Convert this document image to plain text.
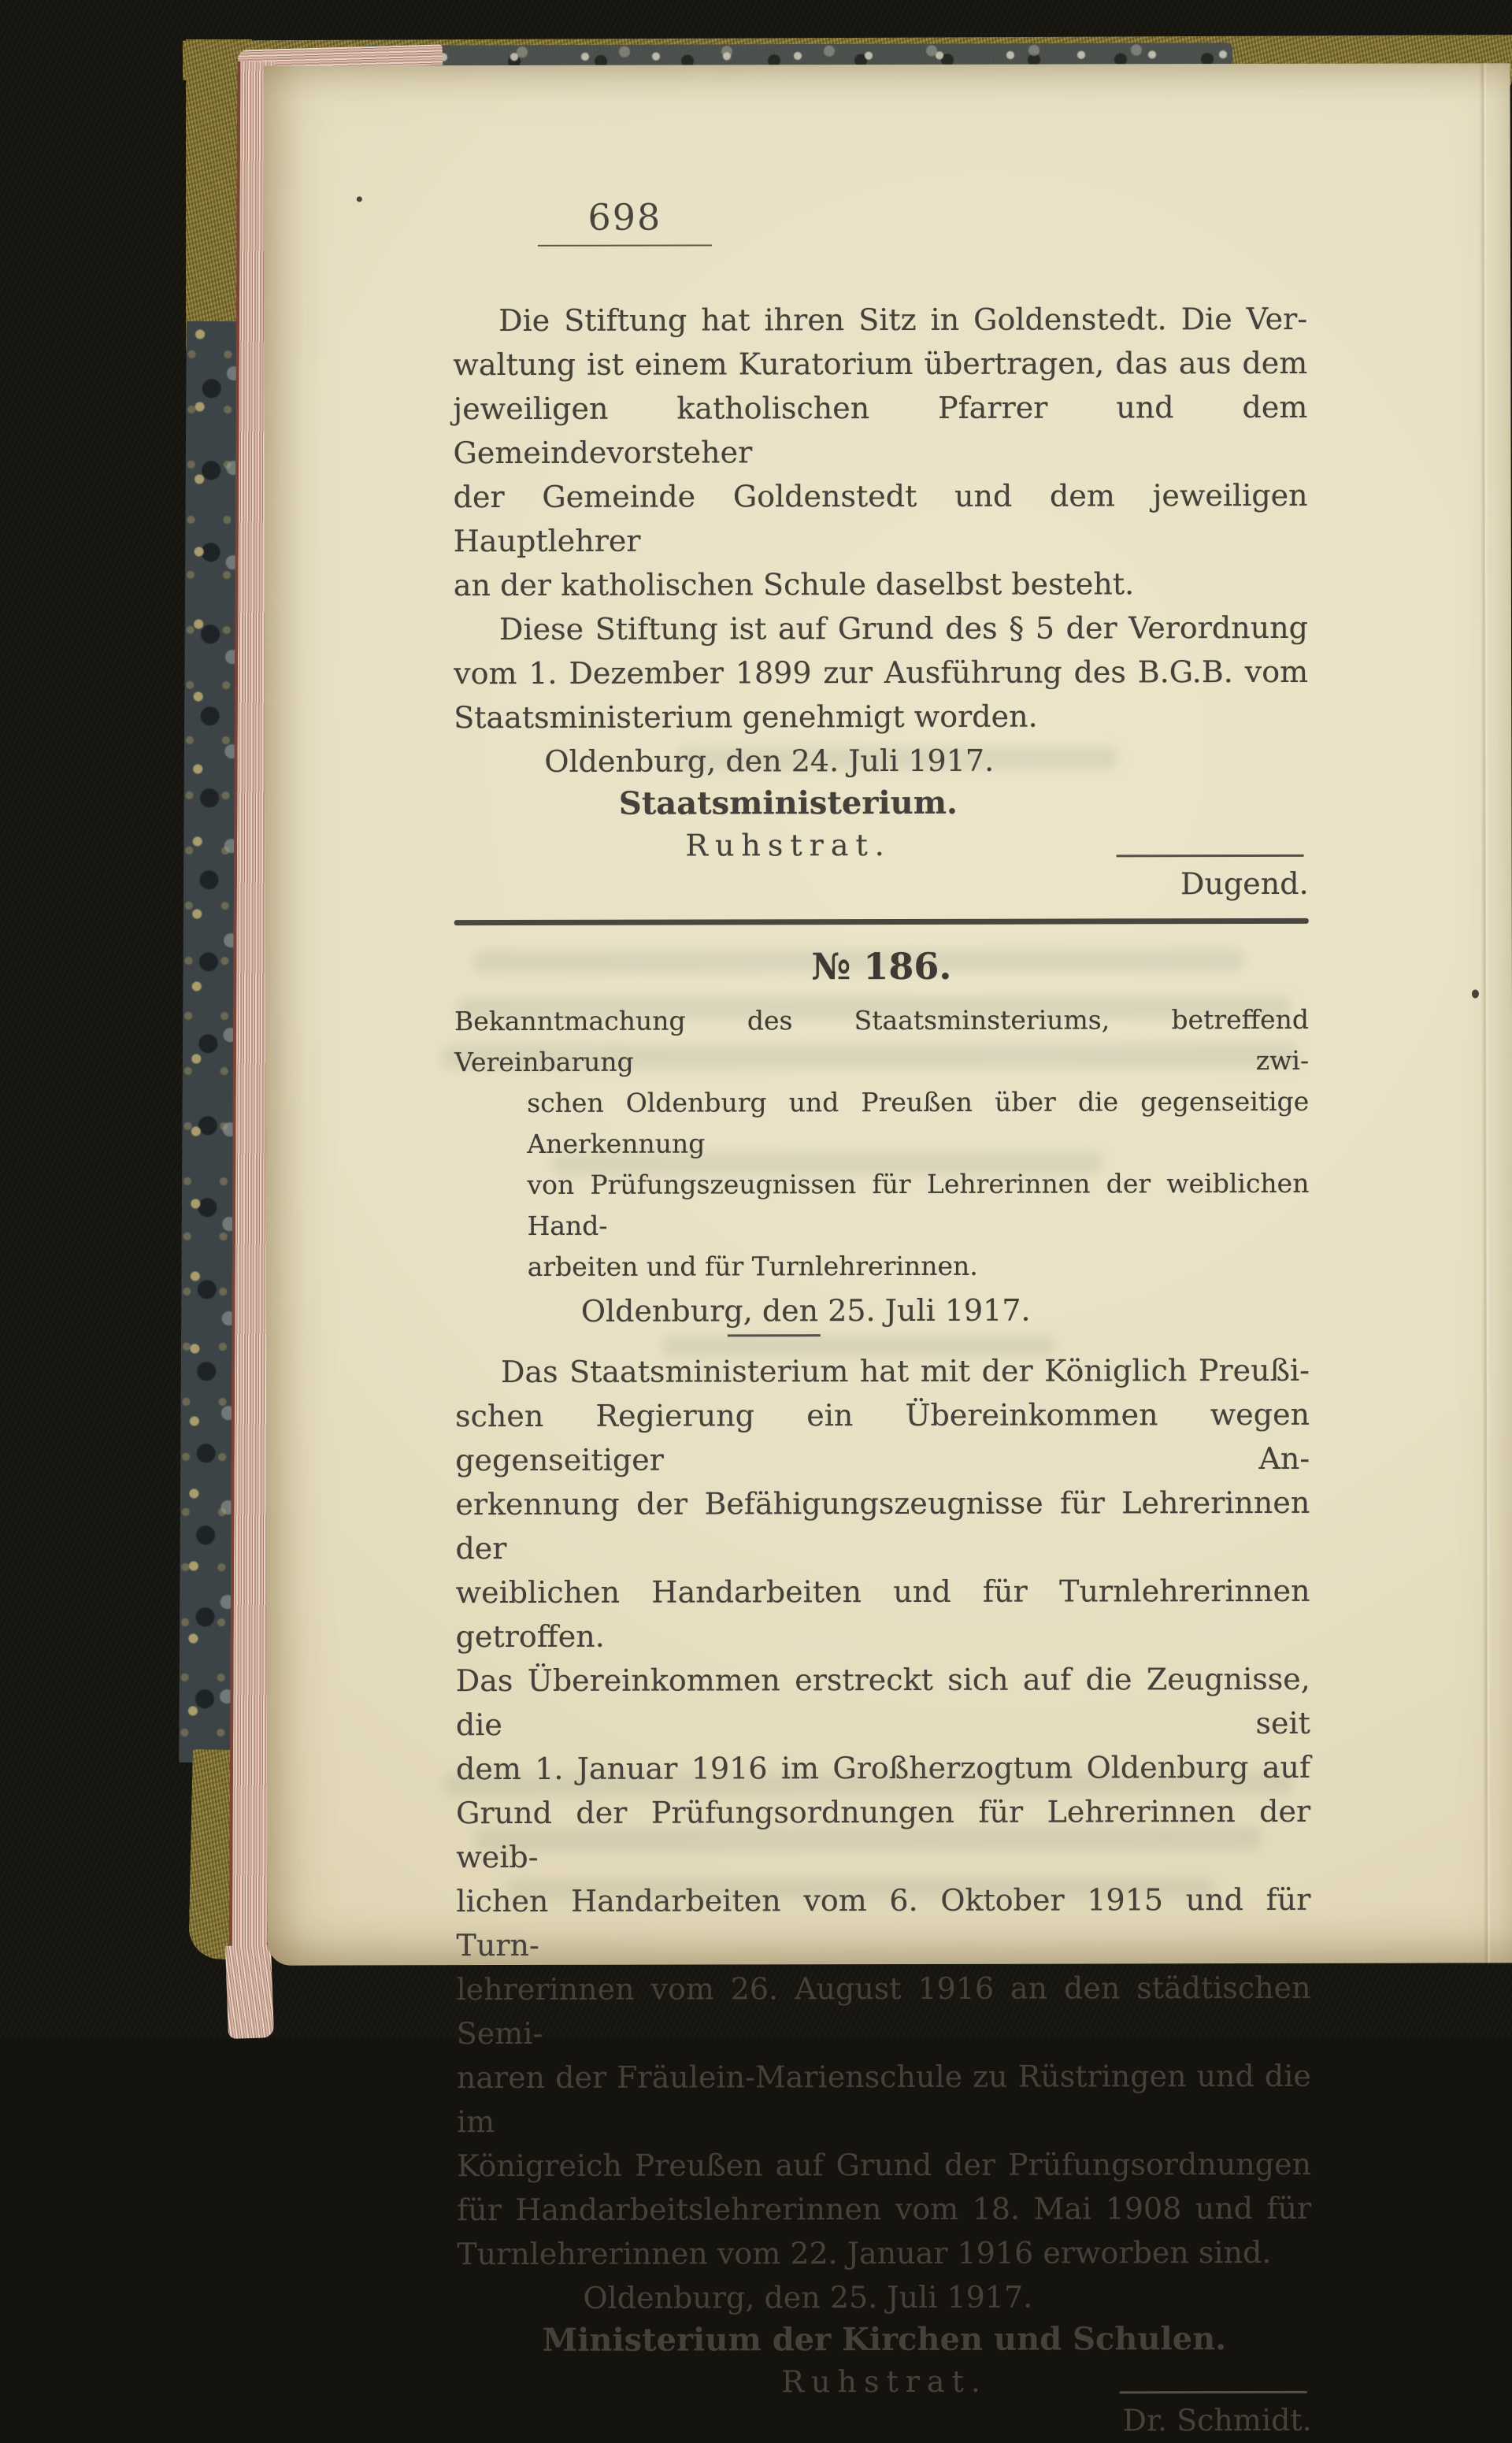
698
Die Stiftung hat ihren Sitz in Goldenstedt. Die Ver-
waltung ist einem Kuratorium übertragen, das aus dem
jeweiligen katholischen Pfarrer und dem Gemeindevorsteher
der Gemeinde Goldenstedt und dem jeweiligen Hauptlehrer
an der katholischen Schule daselbst besteht.
Diese Stiftung ist auf Grund des § 5 der Verordnung
vom 1. Dezember 1899 zur Ausführung des B.G.B. vom
Staatsministerium genehmigt worden.
Oldenburg, den 24. Juli 1917.
Staatsministerium.
Ruhstrat.
Dugend.
№ 186.
Bekanntmachung des Staatsminsteriums, betreffend Vereinbarung zwi-
schen Oldenburg und Preußen über die gegenseitige Anerkennung
von Prüfungszeugnissen für Lehrerinnen der weiblichen Hand-
arbeiten und für Turnlehrerinnen.
Oldenburg, den 25. Juli 1917.
Das Staatsministerium hat mit der Königlich Preußi-
schen Regierung ein Übereinkommen wegen gegenseitiger An-
erkennung der Befähigungszeugnisse für Lehrerinnen der
weiblichen Handarbeiten und für Turnlehrerinnen getroffen.
Das Übereinkommen erstreckt sich auf die Zeugnisse, die seit
dem 1. Januar 1916 im Großherzogtum Oldenburg auf
Grund der Prüfungsordnungen für Lehrerinnen der weib-
lichen Handarbeiten vom 6. Oktober 1915 und für Turn-
lehrerinnen vom 26. August 1916 an den städtischen Semi-
naren der Fräulein-Marienschule zu Rüstringen und die im
Königreich Preußen auf Grund der Prüfungsordnungen
für Handarbeitslehrerinnen vom 18. Mai 1908 und für
Turnlehrerinnen vom 22. Januar 1916 erworben sind.
Oldenburg, den 25. Juli 1917.
Ministerium der Kirchen und Schulen.
Ruhstrat.
Dr. Schmidt.
